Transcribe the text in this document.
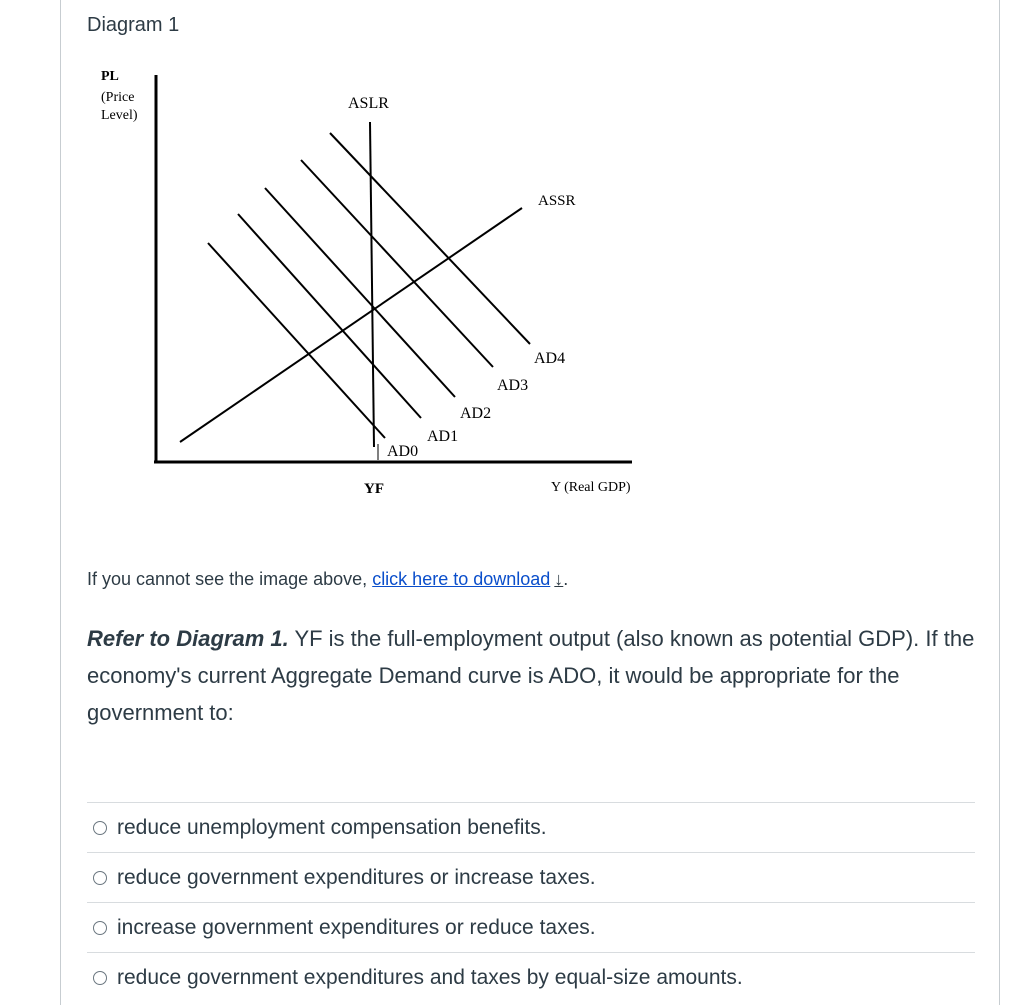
Diagram 1
PL
(Price
Level)
ASLR
ASSR
AD0
AD1
AD2
AD3
AD4
YF	Y (Real GDP)
If you cannot see the image above, click here to download ↓.
Refer to Diagram 1. YF is the full-employment output (also known as potential GDP). If the economy's current Aggregate Demand curve is ADO, it would be appropriate for the government to:
reduce unemployment compensation benefits.
reduce government expenditures or increase taxes.
increase government expenditures or reduce taxes.
reduce government expenditures and taxes by equal-size amounts.
